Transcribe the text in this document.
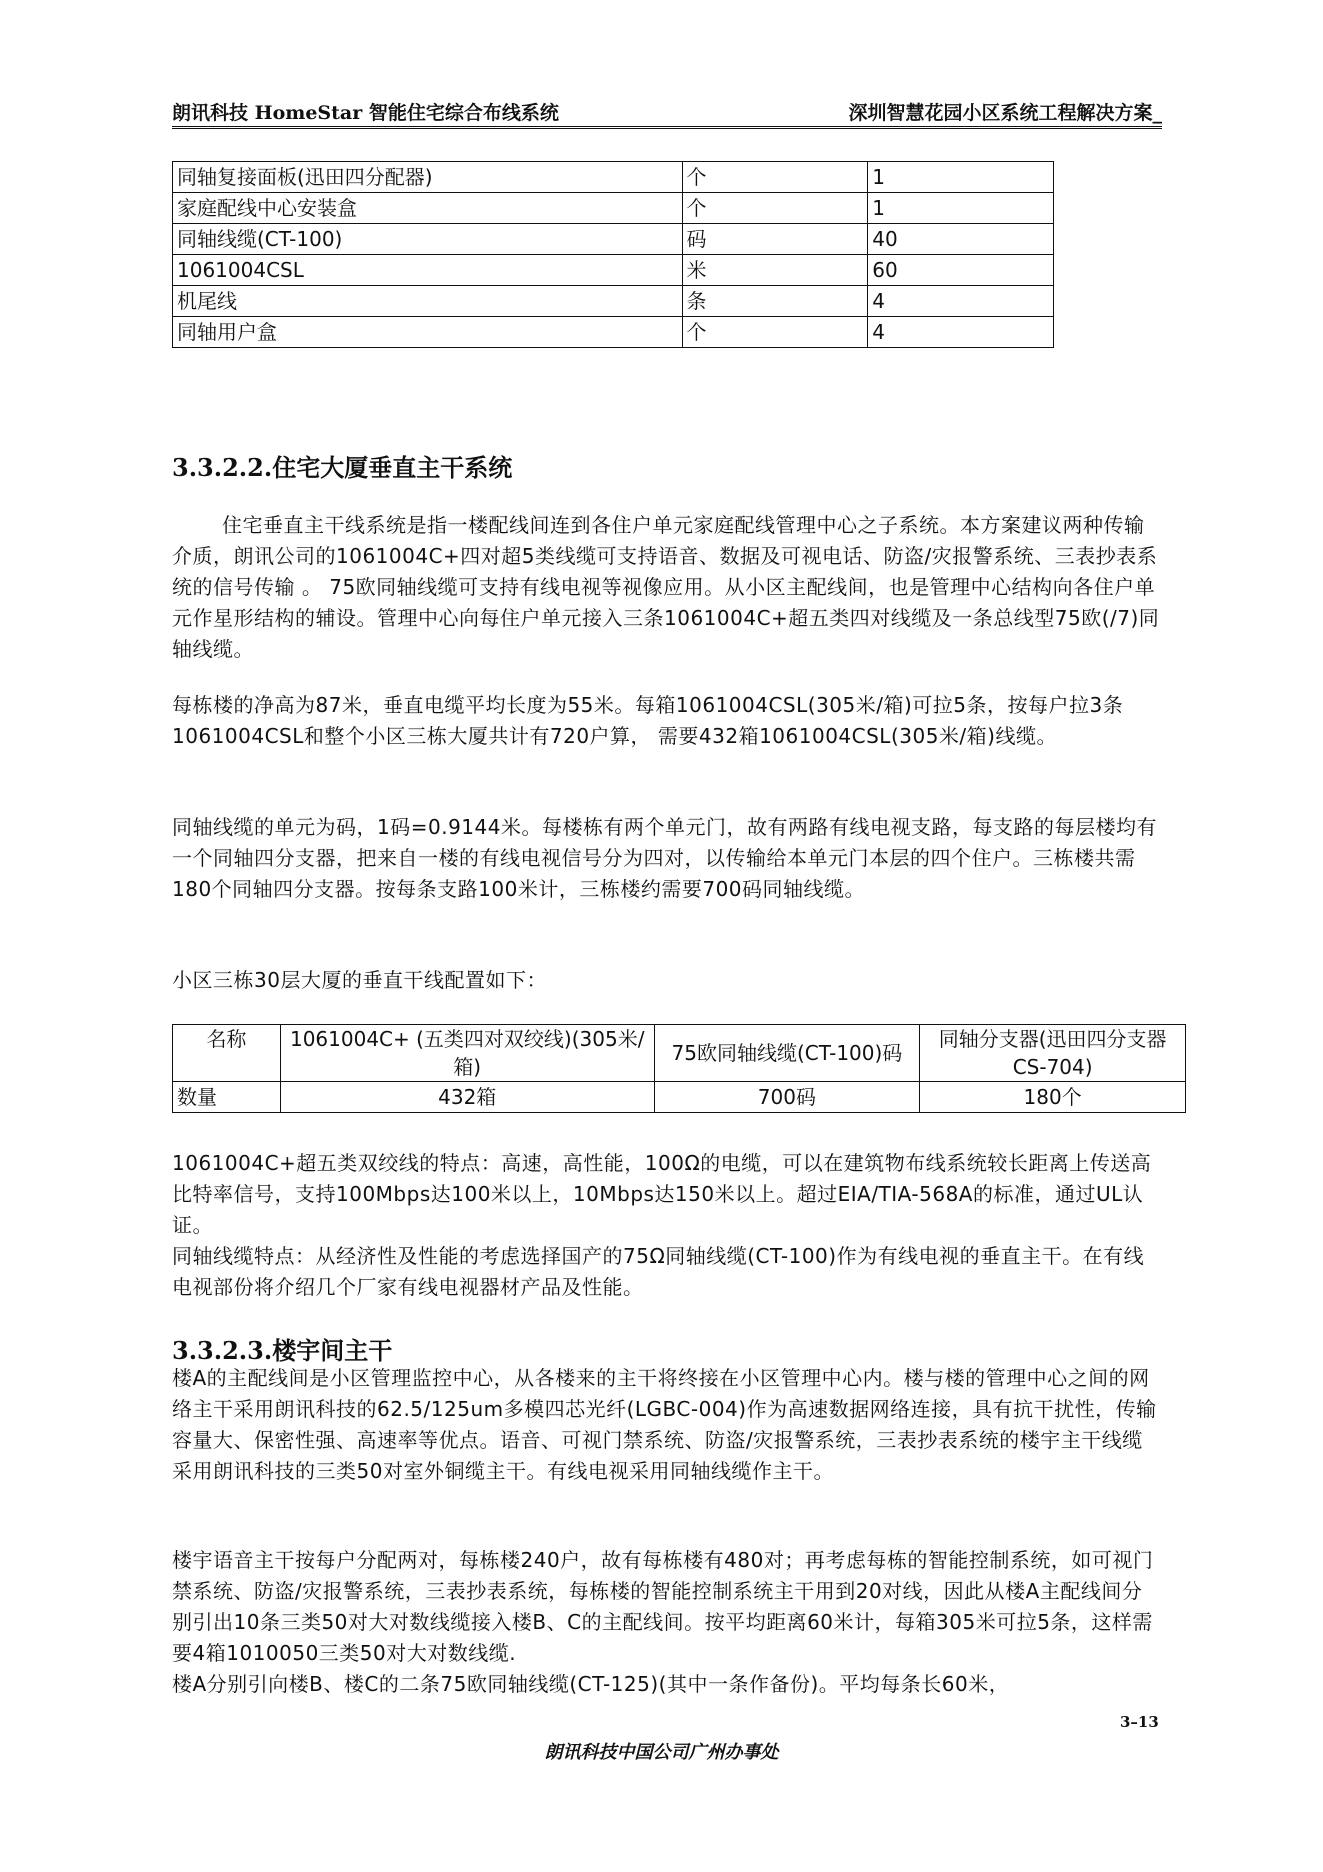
朗讯科技 HomeStar 智能住宅综合布线系统	深圳智慧花园小区系统工程解决方案_
同轴复接面板(迅田四分配器)	个	1
家庭配线中心安装盒	个	1
同轴线缆(CT-100)	码	40
1061004CSL	米	60
机尾线	条	4
同轴用户盒	个	4
3.3.2.2.住宅大厦垂直主干系统

住宅垂直主干线系统是指一楼配线间连到各住户单元家庭配线管理中心之子系统。本方案建议两种传输介质，朗讯公司的1061004C+四对超5类线缆可支持语音、数据及可视电话、防盗/灾报警系统、三表抄表系统的信号传输 。 75欧同轴线缆可支持有线电视等视像应用。从小区主配线间，也是管理中心结构向各住户单元作星形结构的辅设。管理中心向每住户单元接入三条1061004C+超五类四对线缆及一条总线型75欧(/7)同轴线缆。

每栋楼的净高为87米，垂直电缆平均长度为55米。每箱1061004CSL(305米/箱)可拉5条，按每户拉3条1061004CSL和整个小区三栋大厦共计有720户算， 需要432箱1061004CSL(305米/箱)线缆。

同轴线缆的单元为码，1码=0.9144米。每楼栋有两个单元门，故有两路有线电视支路，每支路的每层楼均有一个同轴四分支器，把来自一楼的有线电视信号分为四对，以传输给本单元门本层的四个住户。三栋楼共需180个同轴四分支器。按每条支路100米计，三栋楼约需要700码同轴线缆。

小区三栋30层大厦的垂直干线配置如下：

名称	1061004C+ (五类四对双绞线)(305米/箱)	75欧同轴线缆(CT-100)码	同轴分支器(迅田四分支器 CS-704)
数量	432箱	700码	180个

1061004C+超五类双绞线的特点：高速，高性能，100Ω的电缆，可以在建筑物布线系统较长距离上传送高比特率信号，支持100Mbps达100米以上，10Mbps达150米以上。超过EIA/TIA-568A的标准，通过UL认证。

同轴线缆特点：从经济性及性能的考虑选择国产的75Ω同轴线缆(CT-100)作为有线电视的垂直主干。在有线电视部份将介绍几个厂家有线电视器材产品及性能。

3.3.2.3.楼宇间主干

楼A的主配线间是小区管理监控中心，从各楼来的主干将终接在小区管理中心内。楼与楼的管理中心之间的网络主干采用朗讯科技的62.5/125um多模四芯光纤(LGBC-004)作为高速数据网络连接，具有抗干扰性，传输容量大、保密性强、高速率等优点。语音、可视门禁系统、防盗/灾报警系统，三表抄表系统的楼宇主干线缆采用朗讯科技的三类50对室外铜缆主干。有线电视采用同轴线缆作主干。

楼宇语音主干按每户分配两对，每栋楼240户，故有每栋楼有480对；再考虑每栋的智能控制系统，如可视门禁系统、防盗/灾报警系统，三表抄表系统，每栋楼的智能控制系统主干用到20对线，因此从楼A主配线间分别引出10条三类50对大对数线缆接入楼B、C的主配线间。按平均距离60米计，每箱305米可拉5条，这样需要4箱1010050三类50对大对数线缆.

楼A分别引向楼B、楼C的二条75欧同轴线缆(CT-125)(其中一条作备份)。平均每条长60米，

3–13
朗讯科技中国公司广州办事处
